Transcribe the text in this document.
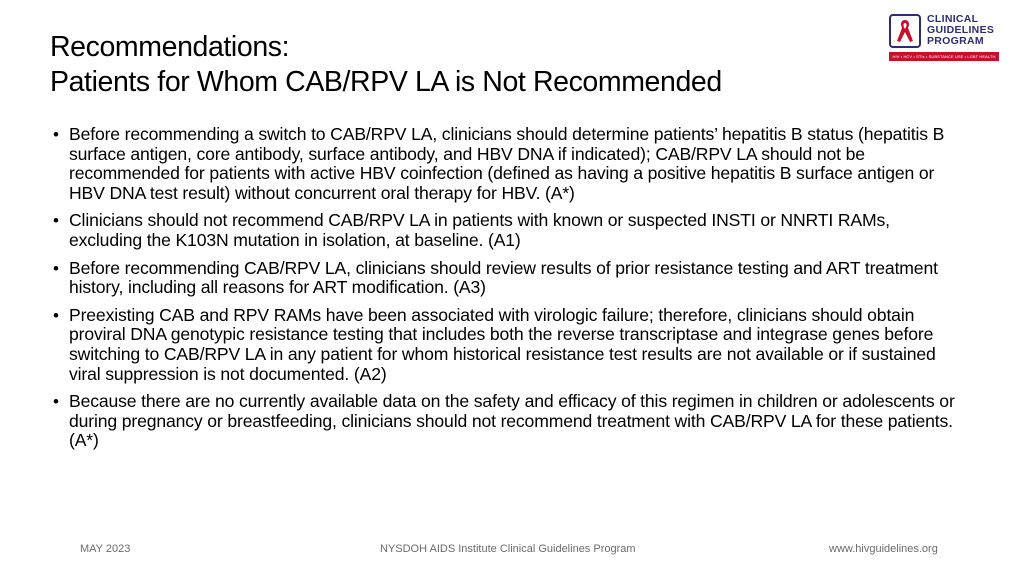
Recommendations:
Patients for Whom CAB/RPV LA is Not Recommended
CLINICAL
GUIDELINES
PROGRAM
HIV • HCV • STIs • SUBSTANCE USE • LGBT HEALTH
• Before recommending a switch to CAB/RPV LA, clinicians should determine patients’ hepatitis B status (hepatitis B surface antigen, core antibody, surface antibody, and HBV DNA if indicated); CAB/RPV LA should not be recommended for patients with active HBV coinfection (defined as having a positive hepatitis B surface antigen or HBV DNA test result) without concurrent oral therapy for HBV. (A*)
• Clinicians should not recommend CAB/RPV LA in patients with known or suspected INSTI or NNRTI RAMs, excluding the K103N mutation in isolation, at baseline. (A1)
• Before recommending CAB/RPV LA, clinicians should review results of prior resistance testing and ART treatment history, including all reasons for ART modification. (A3)
• Preexisting CAB and RPV RAMs have been associated with virologic failure; therefore, clinicians should obtain proviral DNA genotypic resistance testing that includes both the reverse transcriptase and integrase genes before switching to CAB/RPV LA in any patient for whom historical resistance test results are not available or if sustained viral suppression is not documented. (A2)
• Because there are no currently available data on the safety and efficacy of this regimen in children or adolescents or during pregnancy or breastfeeding, clinicians should not recommend treatment with CAB/RPV LA for these patients. (A*)
MAY 2023	NYSDOH AIDS Institute Clinical Guidelines Program	www.hivguidelines.org
